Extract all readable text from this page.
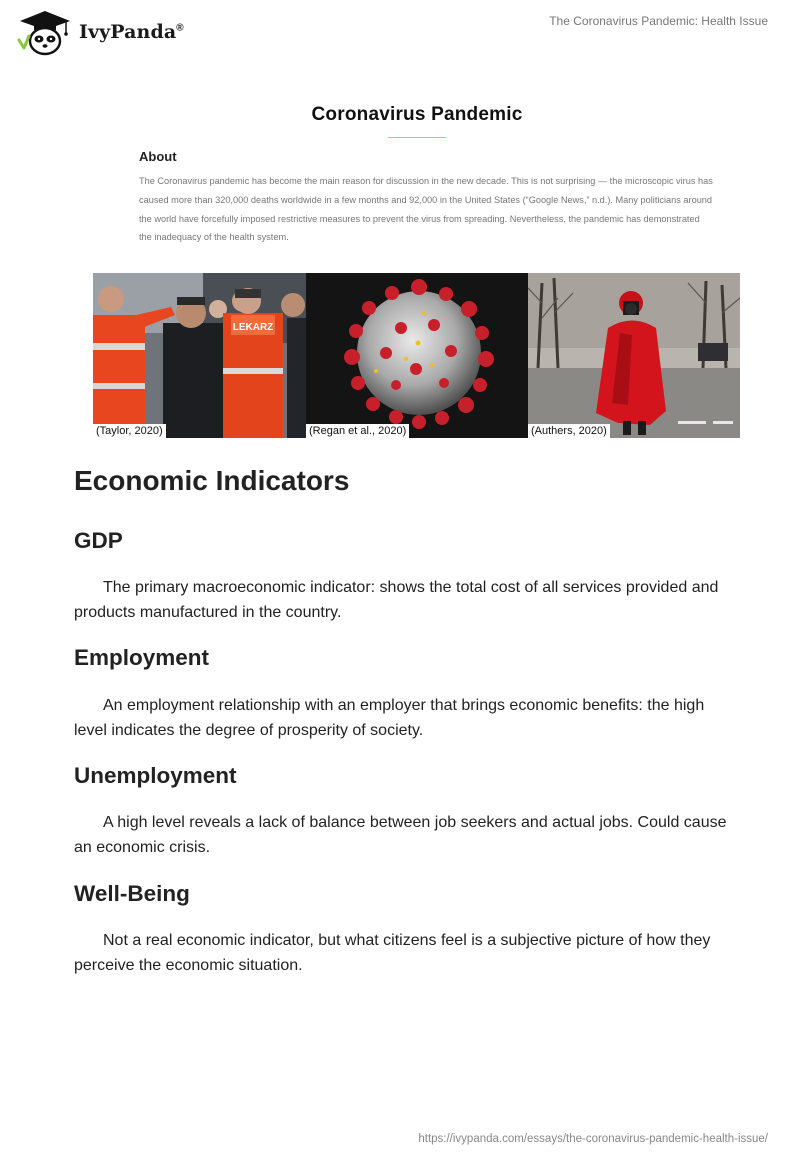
IvyPanda®
The Coronavirus Pandemic: Health Issue
Coronavirus Pandemic
About
The Coronavirus pandemic has become the main reason for discussion in the new decade. This is not surprising — the microscopic virus has caused more than 320,000 deaths worldwide in a few months and 92,000 in the United States (“Google News,” n.d.). Many politicians around the world have forcefully imposed restrictive measures to prevent the virus from spreading. Nevertheless, the pandemic has demonstrated the inadequacy of the health system.
LEKARZ
(Taylor, 2020)	(Regan et al., 2020)	(Authers, 2020)
Economic Indicators
GDP
The primary macroeconomic indicator: shows the total cost of all services provided and products manufactured in the country.
Employment
An employment relationship with an employer that brings economic benefits: the high level indicates the degree of prosperity of society.
Unemployment
A high level reveals a lack of balance between job seekers and actual jobs. Could cause an economic crisis.
Well-Being
Not a real economic indicator, but what citizens feel is a subjective picture of how they perceive the economic situation.
https://ivypanda.com/essays/the-coronavirus-pandemic-health-issue/
